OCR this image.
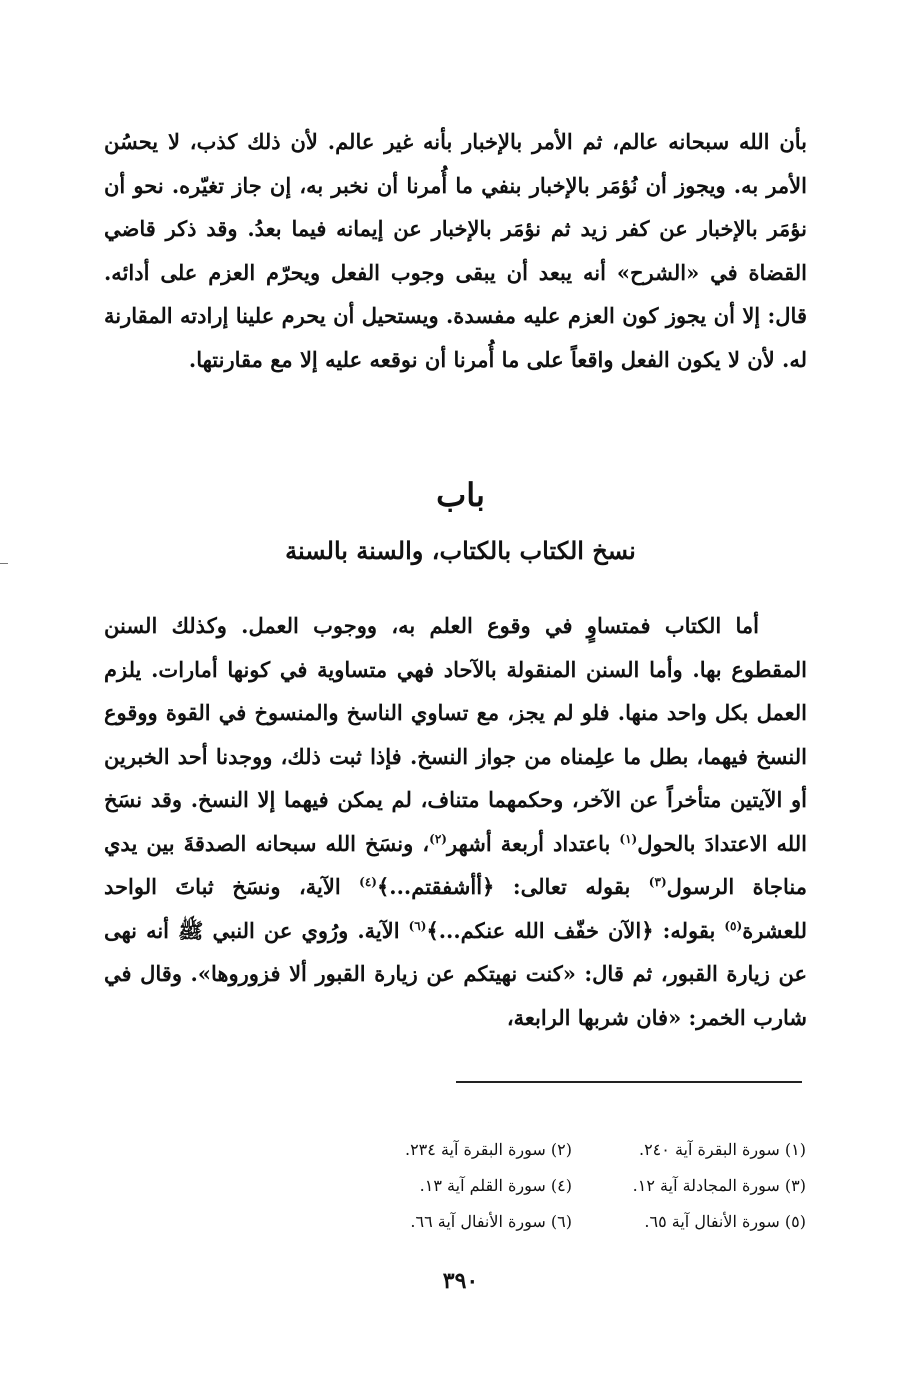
بأن الله سبحانه عالم، ثم الأمر بالإخبار بأنه غير عالم. لأن ذلك كذب، لا يحسُن الأمر به. ويجوز أن نُؤمَر بالإخبار بنفي ما أُمرنا أن نخبر به، إن جاز تغيّره. نحو أن نؤمَر بالإخبار عن كفر زيد ثم نؤمَر بالإخبار عن إيمانه فيما بعدُ. وقد ذكر قاضي القضاة في «الشرح» أنه يبعد أن يبقى وجوب الفعل ويحرّم العزم على أدائه. قال: إلا أن يجوز كون العزم عليه مفسدة. ويستحيل أن يحرم علينا إرادته المقارنة له. لأن لا يكون الفعل واقعاً على ما أُمرنا أن نوقعه عليه إلا مع مقارنتها.

باب
نسخ الكتاب بالكتاب، والسنة بالسنة

أما الكتاب فمتساوٍ في وقوع العلم به، ووجوب العمل. وكذلك السنن المقطوع بها. وأما السنن المنقولة بالآحاد فهي متساوية في كونها أمارات. يلزم العمل بكل واحد منها. فلو لم يجز، مع تساوي الناسخ والمنسوخ في القوة ووقوع النسخ فيهما، بطل ما علِمناه من جواز النسخ. فإذا ثبت ذلك، ووجدنا أحد الخبرين أو الآيتين متأخراً عن الآخر، وحكمهما متناف، لم يمكن فيهما إلا النسخ. وقد نسَخ الله الاعتدادَ بالحول$^{(١)}$ باعتداد أربعة أشهر$^{(٢)}$، ونسَخ الله سبحانه الصدقةَ بين يدي مناجاة الرسول$^{(٣)}$ بقوله تعالى: ﴿أأشفقتم...﴾$^{(٤)}$ الآية، ونسَخ ثباتَ الواحد للعشرة$^{(٥)}$ بقوله: ﴿الآن خفّف الله عنكم...﴾$^{(٦)}$ الآية. ورُوي عن النبي ﷺ أنه نهى عن زيارة القبور، ثم قال: «كنت نهيتكم عن زيارة القبور ألا فزوروها». وقال في شارب الخمر: «فان شربها الرابعة،

(١) سورة البقرة آية ٢٤٠.
(٢) سورة البقرة آية ٢٣٤.
(٣) سورة المجادلة آية ١٢.
(٤) سورة القلم آية ١٣.
(٥) سورة الأنفال آية ٦٥.
(٦) سورة الأنفال آية ٦٦.
٣٩٠
